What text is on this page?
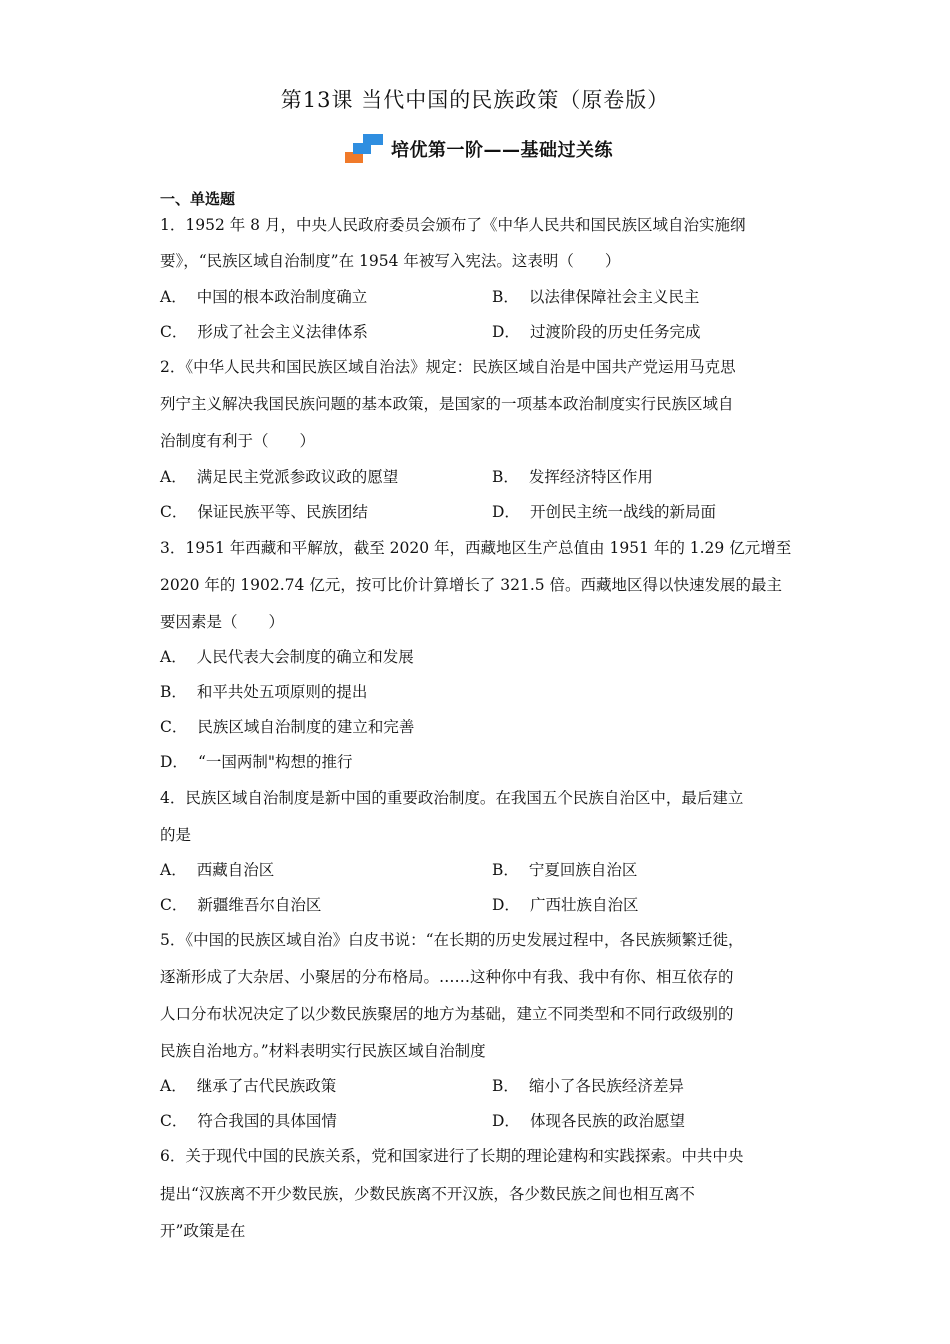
第13课 当代中国的民族政策（原卷版）
培优第一阶——基础过关练
一、单选题
1．1952 年 8 月，中央人民政府委员会颁布了《中华人民共和国民族区域自治实施纲
要》，“民族区域自治制度”在 1954 年被写入宪法。这表明（　　）
A． 中国的根本政治制度确立	B． 以法律保障社会主义民主
C． 形成了社会主义法律体系	D． 过渡阶段的历史任务完成
2．《中华人民共和国民族区域自治法》规定：民族区域自治是中国共产党运用马克思
列宁主义解决我国民族问题的基本政策，是国家的一项基本政治制度实行民族区域自
治制度有利于（　　）
A． 满足民主党派参政议政的愿望	B． 发挥经济特区作用
C． 保证民族平等、民族团结	D． 开创民主统一战线的新局面
3．1951 年西藏和平解放，截至 2020 年，西藏地区生产总值由 1951 年的 1.29 亿元增至
2020 年的 1902.74 亿元，按可比价计算增长了 321.5 倍。西藏地区得以快速发展的最主
要因素是（　　）
A． 人民代表大会制度的确立和发展
B． 和平共处五项原则的提出
C． 民族区域自治制度的建立和完善
D． “一国两制"构想的推行
4．民族区域自治制度是新中国的重要政治制度。在我国五个民族自治区中，最后建立
的是
A． 西藏自治区	B． 宁夏回族自治区
C． 新疆维吾尔自治区	D． 广西壮族自治区
5．《中国的民族区域自治》白皮书说：“在长期的历史发展过程中，各民族频繁迁徙，
逐渐形成了大杂居、小聚居的分布格局。……这种你中有我、我中有你、相互依存的
人口分布状况决定了以少数民族聚居的地方为基础，建立不同类型和不同行政级别的
民族自治地方。”材料表明实行民族区域自治制度
A． 继承了古代民族政策	B． 缩小了各民族经济差异
C． 符合我国的具体国情	D． 体现各民族的政治愿望
6．关于现代中国的民族关系，党和国家进行了长期的理论建构和实践探索。中共中央
提出“汉族离不开少数民族，少数民族离不开汉族，各少数民族之间也相互离不
开”政策是在
